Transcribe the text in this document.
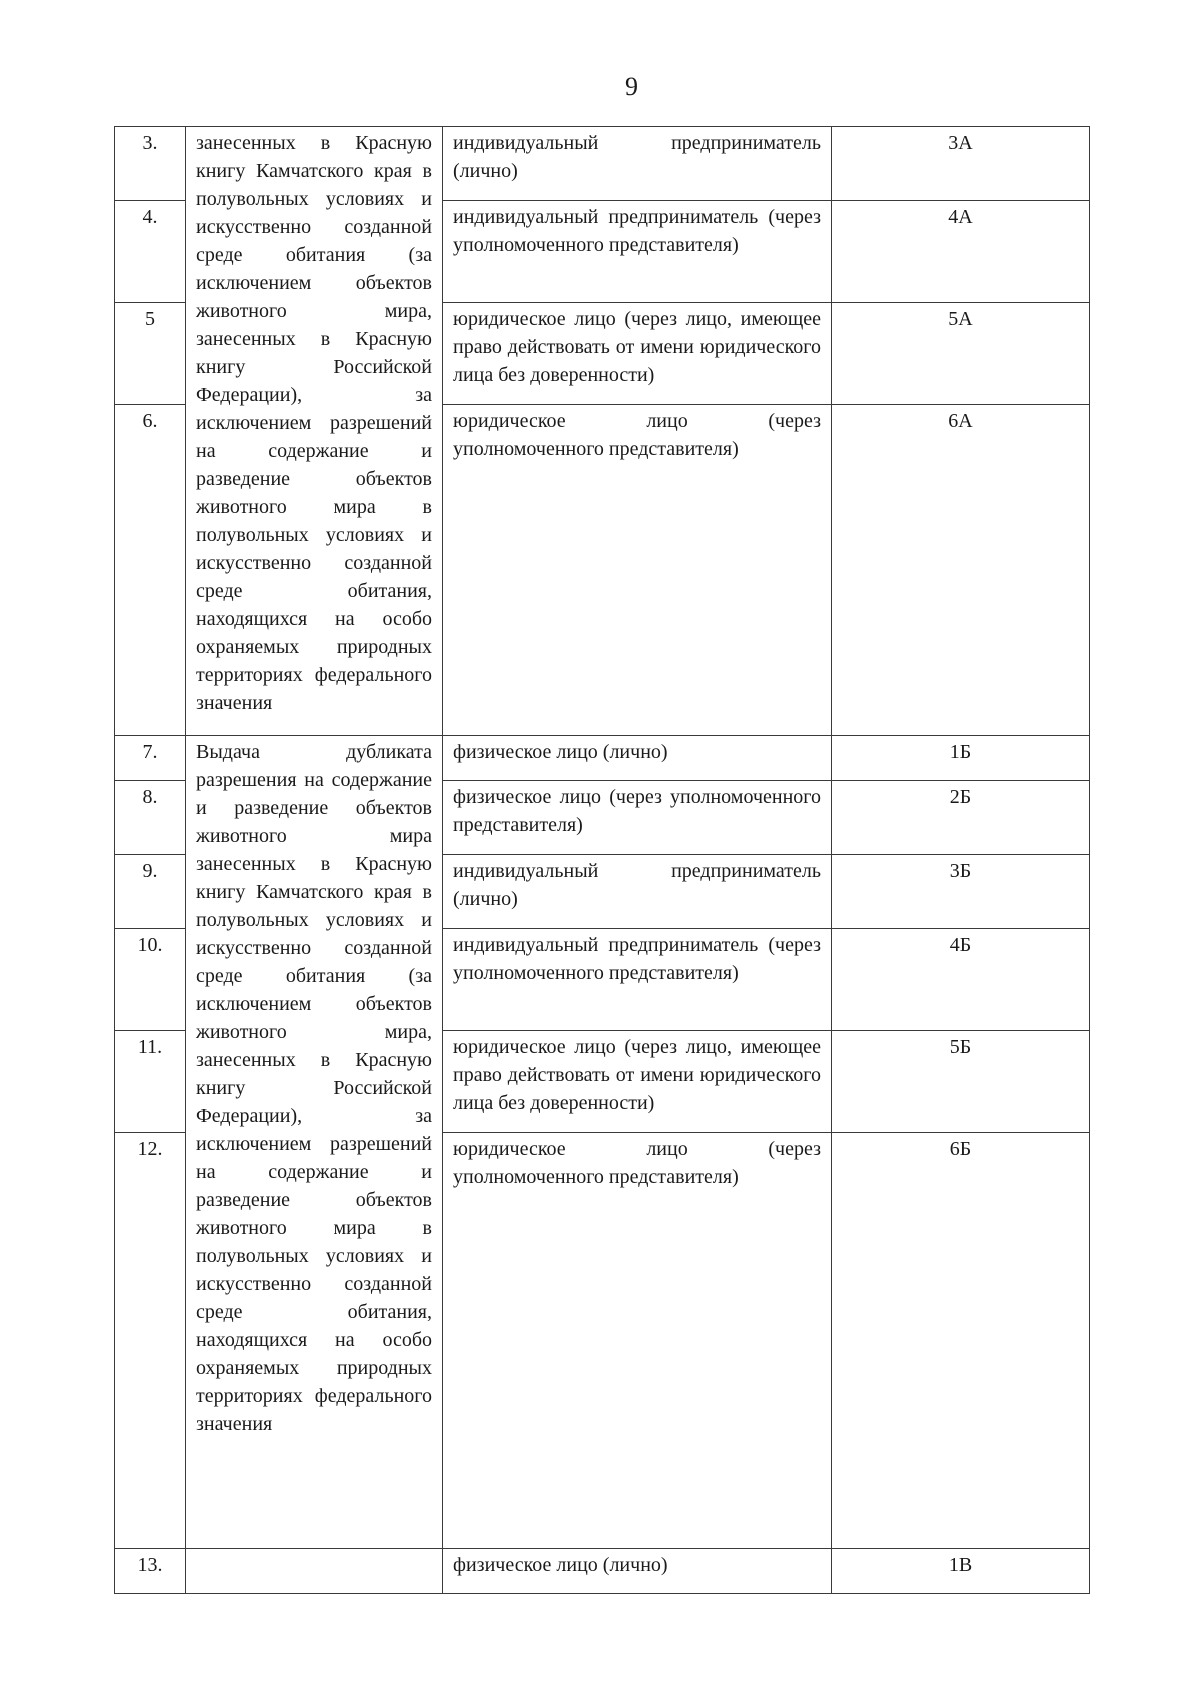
9
3.	занесенных в Красную книгу Камчатского края в полувольных условиях и искусственно созданной среде обитания (за исключением объектов животного мира, занесенных в Красную книгу Российской Федерации), за исключением разрешений на содержание и разведение объектов животного мира в полувольных условиях и искусственно созданной среде обитания, находящихся на особо охраняемых природных территориях федерального значения	индивидуальный предприниматель (лично)	3А
4.		индивидуальный предприниматель (через уполномоченного представителя)	4А
5		юридическое лицо (через лицо, имеющее право действовать от имени юридического лица без доверенности)	5А
6.		юридическое лицо (через уполномоченного представителя)	6А
7.	Выдача дубликата разрешения на содержание и разведение объектов животного мира занесенных в Красную книгу Камчатского края в полувольных условиях и искусственно созданной среде обитания (за исключением объектов животного мира, занесенных в Красную книгу Российской Федерации), за исключением разрешений на содержание и разведение объектов животного мира в полувольных условиях и искусственно созданной среде обитания, находящихся на особо охраняемых природных территориях федерального значения	физическое лицо (лично)	1Б
8.		физическое лицо (через уполномоченного представителя)	2Б
9.		индивидуальный предприниматель (лично)	3Б
10.		индивидуальный предприниматель (через уполномоченного представителя)	4Б
11.		юридическое лицо (через лицо, имеющее право действовать от имени юридического лица без доверенности)	5Б
12.		юридическое лицо (через уполномоченного представителя)	6Б
13.		физическое лицо (лично)	1В
